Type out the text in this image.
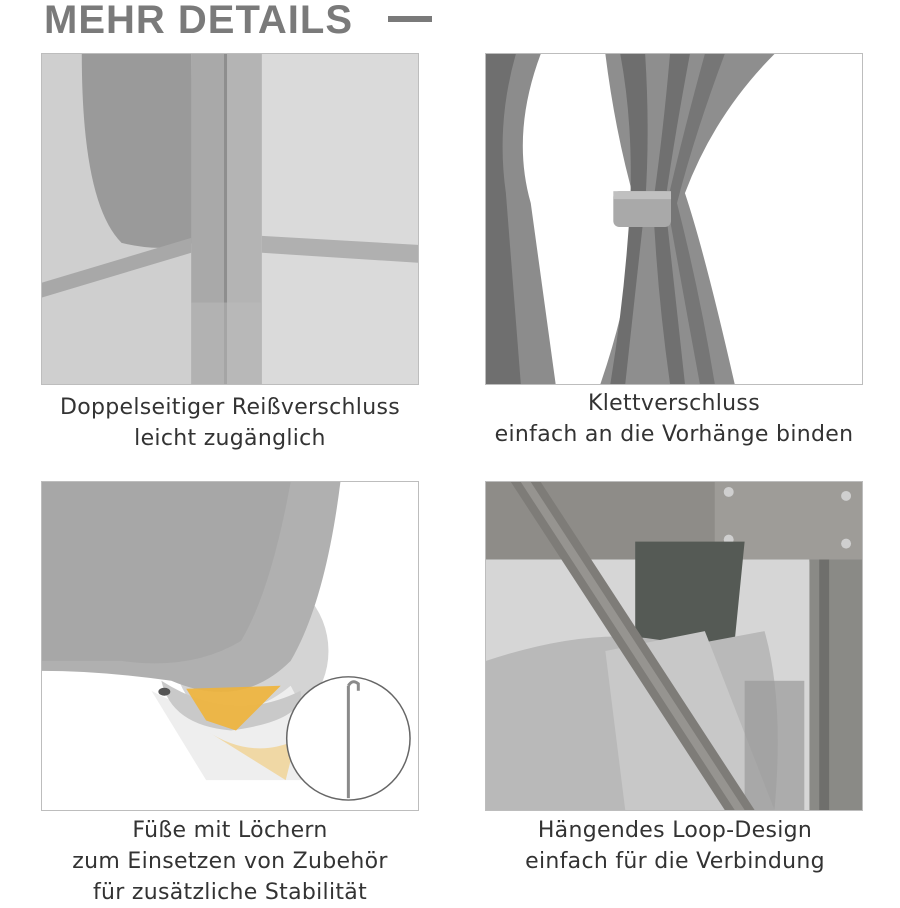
MEHR DETAILS
Doppelseitiger Reißverschluss
leicht zugänglich
Klettverschluss
einfach an die Vorhänge binden
Füße mit Löchern
zum Einsetzen von Zubehör
für zusätzliche Stabilität
Hängendes Loop-Design
einfach für die Verbindung
